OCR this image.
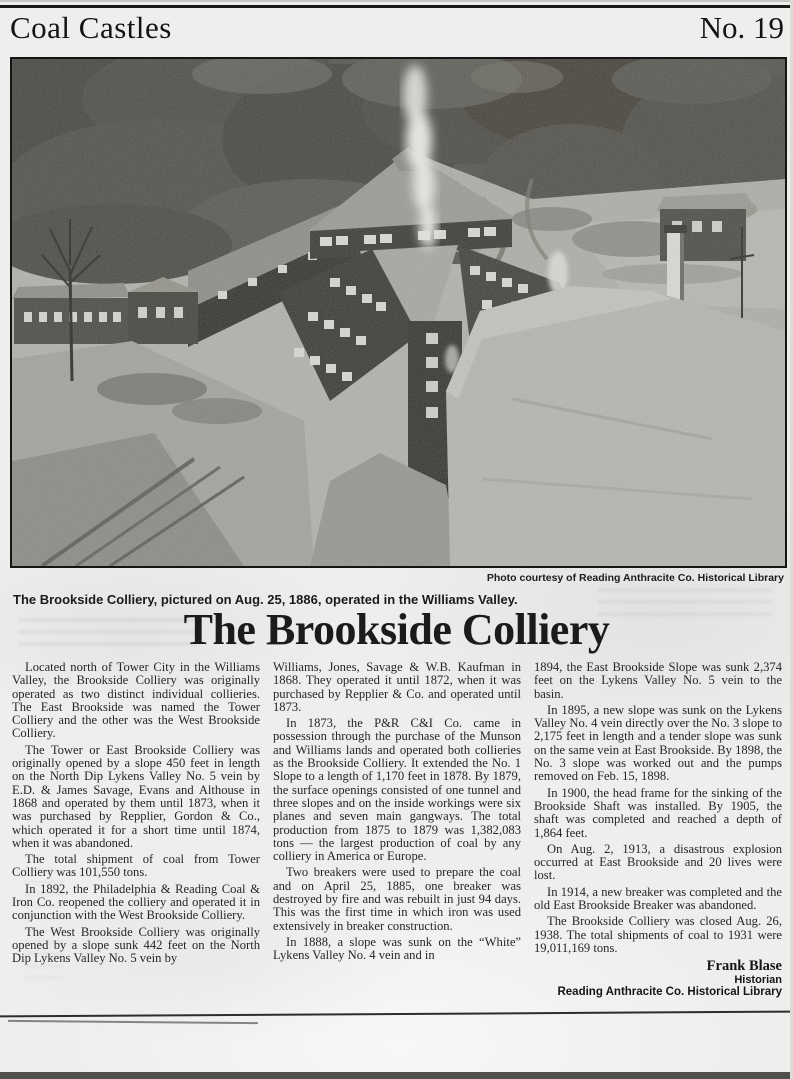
Coal Castles	No. 19
Photo courtesy of Reading Anthracite Co. Historical Library
The Brookside Colliery, pictured on Aug. 25, 1886, operated in the Williams Valley.
The Brookside Colliery

Located north of Tower City in the Williams Valley, the Brookside Colliery was originally operated as two distinct individual collieries. The East Brookside was named the Tower Colliery and the other was the West Brookside Colliery.

The Tower or East Brookside Colliery was originally opened by a slope 450 feet in length on the North Dip Lykens Valley No. 5 vein by E.D. & James Savage, Evans and Althouse in 1868 and operated by them until 1873, when it was purchased by Repplier, Gordon & Co., which operated it for a short time until 1874, when it was abandoned.

The total shipment of coal from Tower Colliery was 101,550 tons.

In 1892, the Philadelphia & Reading Coal & Iron Co. reopened the colliery and operated it in conjunction with the West Brookside Colliery.

The West Brookside Colliery was originally opened by a slope sunk 442 feet on the North Dip Lykens Valley No. 5 vein by

Williams, Jones, Savage & W.B. Kaufman in 1868. They operated it until 1872, when it was purchased by Repplier & Co. and operated until 1873.

In 1873, the P&R C&I Co. came in possession through the purchase of the Munson and Williams lands and operated both collieries as the Brookside Colliery. It extended the No. 1 Slope to a length of 1,170 feet in 1878. By 1879, the surface openings consisted of one tunnel and three slopes and on the inside workings were six planes and seven main gangways. The total production from 1875 to 1879 was 1,382,083 tons — the largest production of coal by any colliery in America or Europe.

Two breakers were used to prepare the coal and on April 25, 1885, one breaker was destroyed by fire and was rebuilt in just 94 days. This was the first time in which iron was used extensively in breaker construction.

In 1888, a slope was sunk on the “White” Lykens Valley No. 4 vein and in

1894, the East Brookside Slope was sunk 2,374 feet on the Lykens Valley No. 5 vein to the basin.

In 1895, a new slope was sunk on the Lykens Valley No. 4 vein directly over the No. 3 slope to 2,175 feet in length and a tender slope was sunk on the same vein at East Brookside. By 1898, the No. 3 slope was worked out and the pumps removed on Feb. 15, 1898.

In 1900, the head frame for the sinking of the Brookside Shaft was installed. By 1905, the shaft was completed and reached a depth of 1,864 feet.

On Aug. 2, 1913, a disastrous explosion occurred at East Brookside and 20 lives were lost.

In 1914, a new breaker was completed and the old East Brookside Breaker was abandoned.

The Brookside Colliery was closed Aug. 26, 1938. The total shipments of coal to 1931 were 19,011,169 tons.

Frank Blase
Historian
Reading Anthracite Co. Historical Library
